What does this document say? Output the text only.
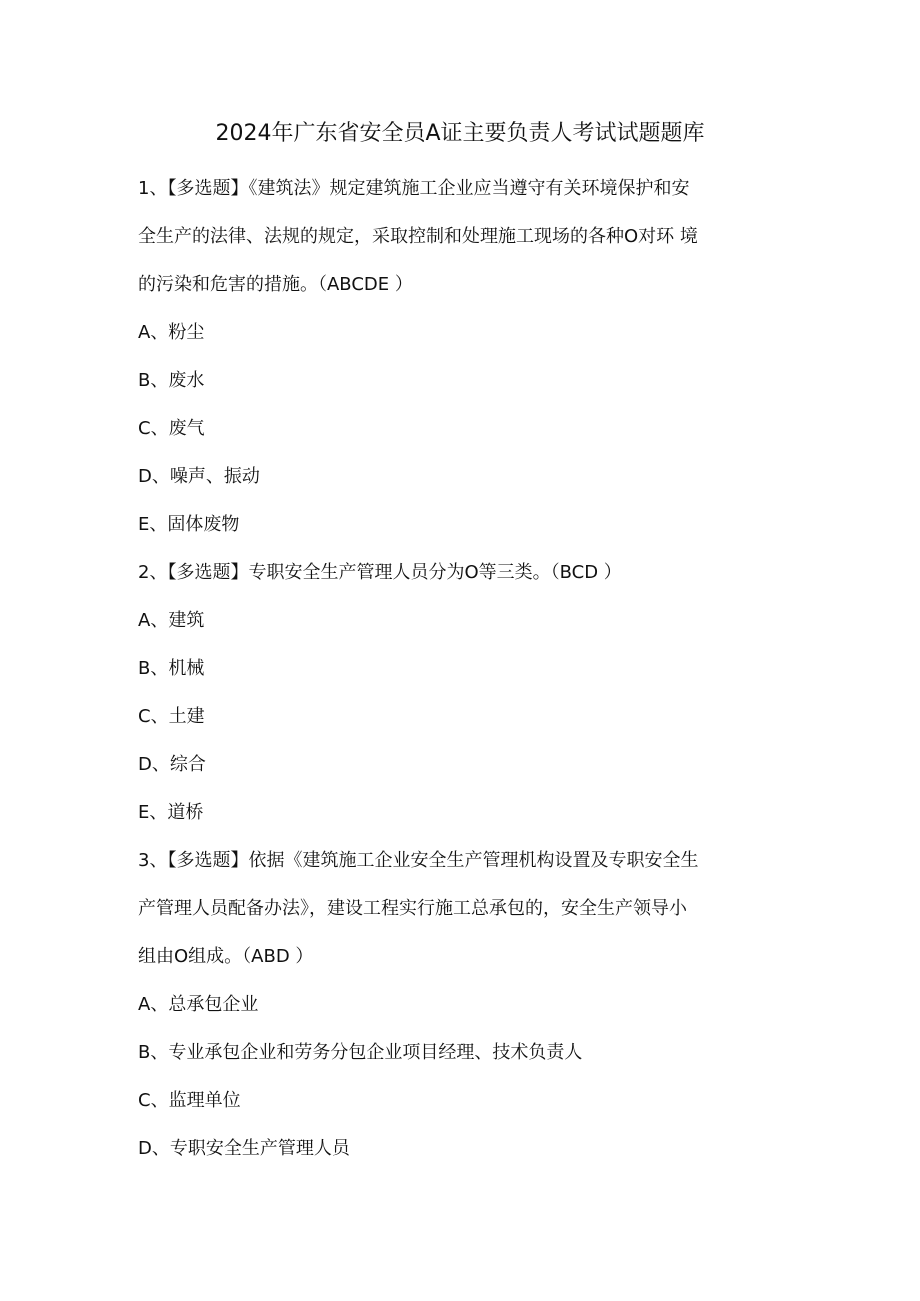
2024年广东省安全员A证主要负责人考试试题题库
1、【多选题】《建筑法》规定建筑施工企业应当遵守有关环境保护和安
全生产的法律、法规的规定，采取控制和处理施工现场的各种O对环 境
的污染和危害的措施。（ABCDE ）
A、粉尘
B、废水
C、废气
D、噪声、振动
E、固体废物
2、【多选题】专职安全生产管理人员分为O等三类。（BCD ）
A、建筑
B、机械
C、土建
D、综合
E、道桥
3、【多选题】依据《建筑施工企业安全生产管理机构设置及专职安全生
产管理人员配备办法》，建设工程实行施工总承包的，安全生产领导小
组由O组成。（ABD ）
A、总承包企业
B、专业承包企业和劳务分包企业项目经理、技术负责人
C、监理单位
D、专职安全生产管理人员
